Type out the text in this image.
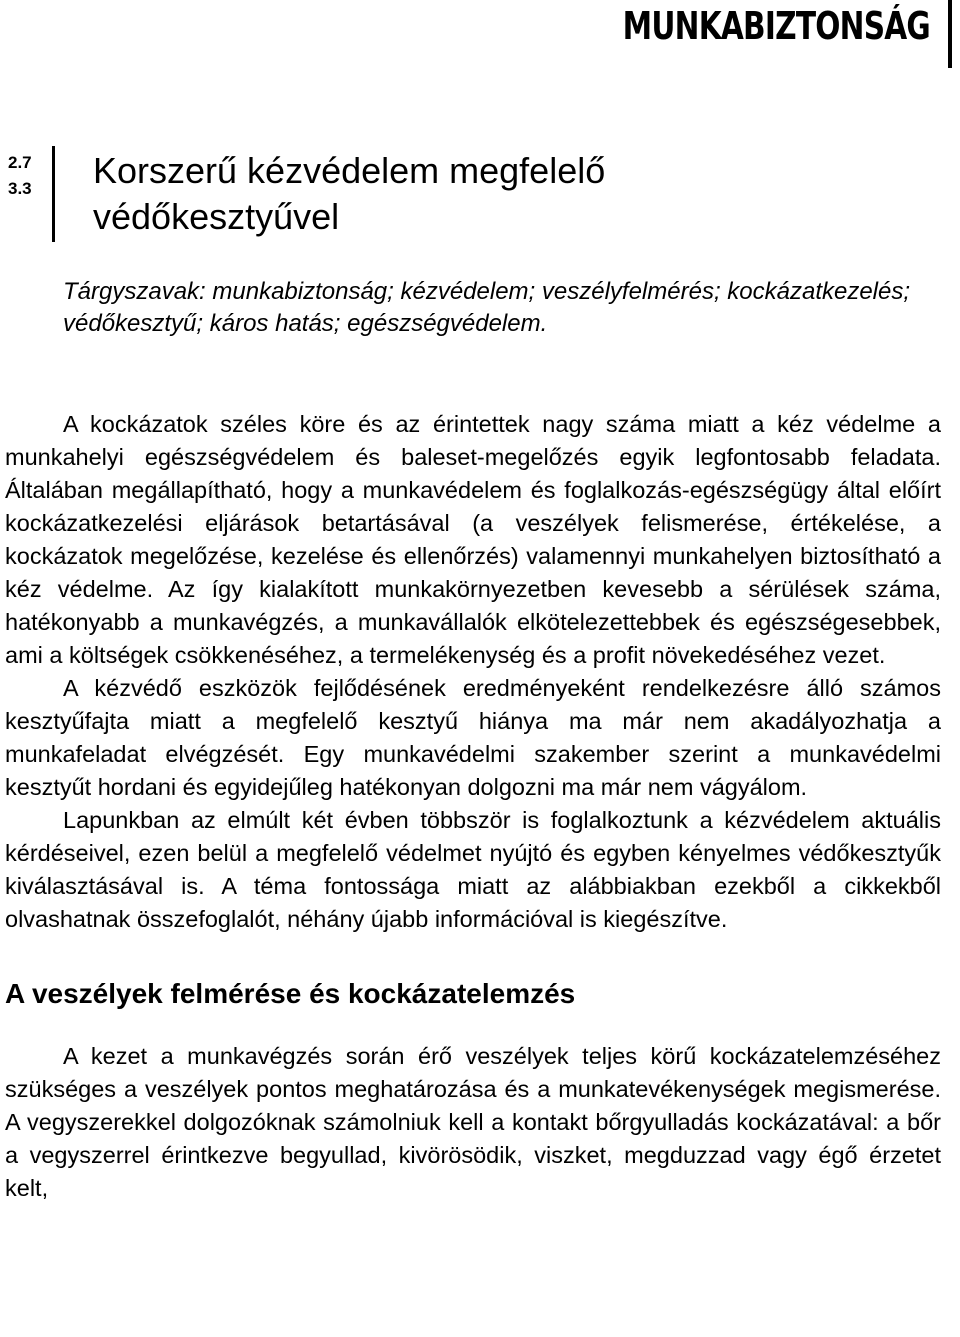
MUNKABIZTONSÁG
2.7
3.3 Korszerű kézvédelem megfelelő
védőkesztyűvel

Tárgyszavak: munkabiztonság; kézvédelem; veszélyfelmérés; kockázatkezelés; védőkesztyű; káros hatás; egészségvédelem.

A kockázatok széles köre és az érintettek nagy száma miatt a kéz védelme a munkahelyi egészségvédelem és baleset-megelőzés egyik legfontosabb feladata. Általában megállapítható, hogy a munkavédelem és foglalkozás-egészségügy által előírt kockázatkezelési eljárások betartásával (a veszélyek felismerése, értékelése, a kockázatok megelőzése, kezelése és ellenőrzés) valamennyi munkahelyen biztosítható a kéz védelme. Az így kialakított munkakörnyezetben kevesebb a sérülések száma, hatékonyabb a munkavégzés, a munkavállalók elkötelezettebbek és egészségesebbek, ami a költségek csökkenéséhez, a termelékenység és a profit növekedéséhez vezet.

A kézvédő eszközök fejlődésének eredményeként rendelkezésre álló számos kesztyűfajta miatt a megfelelő kesztyű hiánya ma már nem akadályozhatja a munkafeladat elvégzését. Egy munkavédelmi szakember szerint a munkavédelmi kesztyűt hordani és egyidejűleg hatékonyan dolgozni ma már nem vágyálom.

Lapunkban az elmúlt két évben többször is foglalkoztunk a kézvédelem aktuális kérdéseivel, ezen belül a megfelelő védelmet nyújtó és egyben kényelmes védőkesztyűk kiválasztásával is. A téma fontossága miatt az alábbiakban ezekből a cikkekből olvashatnak összefoglalót, néhány újabb információval is kiegészítve.

A veszélyek felmérése és kockázatelemzés

A kezet a munkavégzés során érő veszélyek teljes körű kockázatelemzéséhez szükséges a veszélyek pontos meghatározása és a munkatevékenységek megismerése. A vegyszerekkel dolgozóknak számolniuk kell a kontakt bőrgyulladás kockázatával: a bőr a vegyszerrel érintkezve begyullad, kivörösödik, viszket, megduzzad vagy égő érzetet kelt,
